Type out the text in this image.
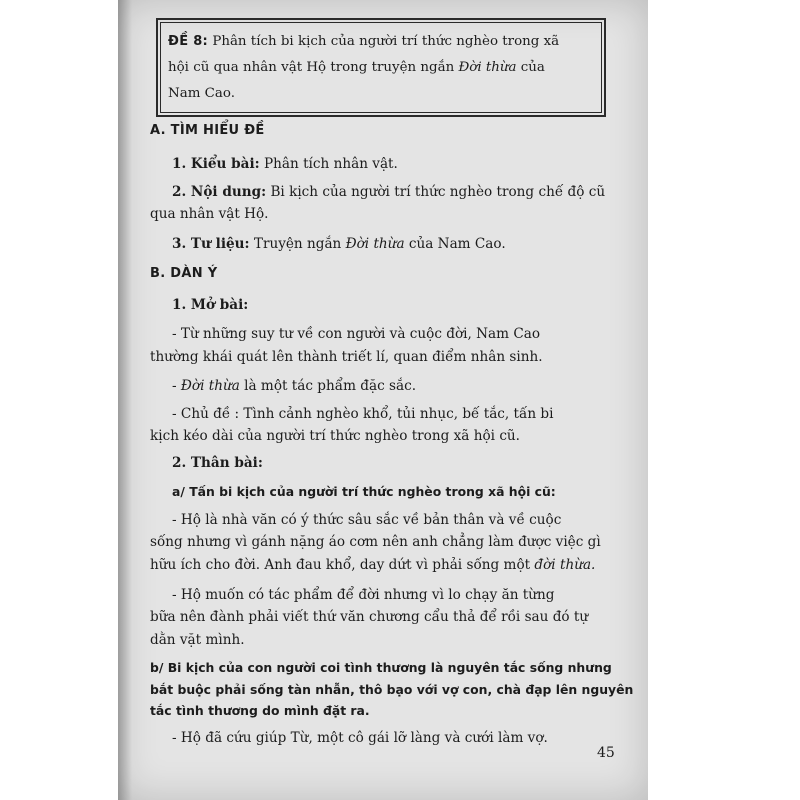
ĐỀ 8: Phân tích bi kịch của người trí thức nghèo trong xã
hội cũ qua nhân vật Hộ trong truyện ngắn Đời thừa của
Nam Cao.
A. TÌM HIỂU ĐỀ
1. Kiểu bài: Phân tích nhân vật.
2. Nội dung: Bi kịch của người trí thức nghèo trong chế độ cũ
qua nhân vật Hộ.
3. Tư liệu: Truyện ngắn Đời thừa của Nam Cao.
B. DÀN Ý
1. Mở bài:
- Từ những suy tư về con người và cuộc đời, Nam Cao
thường khái quát lên thành triết lí, quan điểm nhân sinh.
- Đời thừa là một tác phẩm đặc sắc.
- Chủ đề : Tình cảnh nghèo khổ, tủi nhục, bế tắc, tấn bi
kịch kéo dài của người trí thức nghèo trong xã hội cũ.
2. Thân bài:
a/ Tấn bi kịch của người trí thức nghèo trong xã hội cũ:
- Hộ là nhà văn có ý thức sâu sắc về bản thân và về cuộc
sống nhưng vì gánh nặng áo cơm nên anh chẳng làm được việc gì
hữu ích cho đời. Anh đau khổ, day dứt vì phải sống một đời thừa.
- Hộ muốn có tác phẩm để đời nhưng vì lo chạy ăn từng
bữa nên đành phải viết thứ văn chương cẩu thả để rồi sau đó tự
dằn vặt mình.
b/ Bi kịch của con người coi tình thương là nguyên tắc sống nhưng
bắt buộc phải sống tàn nhẫn, thô bạo với vợ con, chà đạp lên nguyên
tắc tình thương do mình đặt ra.
- Hộ đã cứu giúp Từ, một cô gái lỡ làng và cưới làm vợ.
45
